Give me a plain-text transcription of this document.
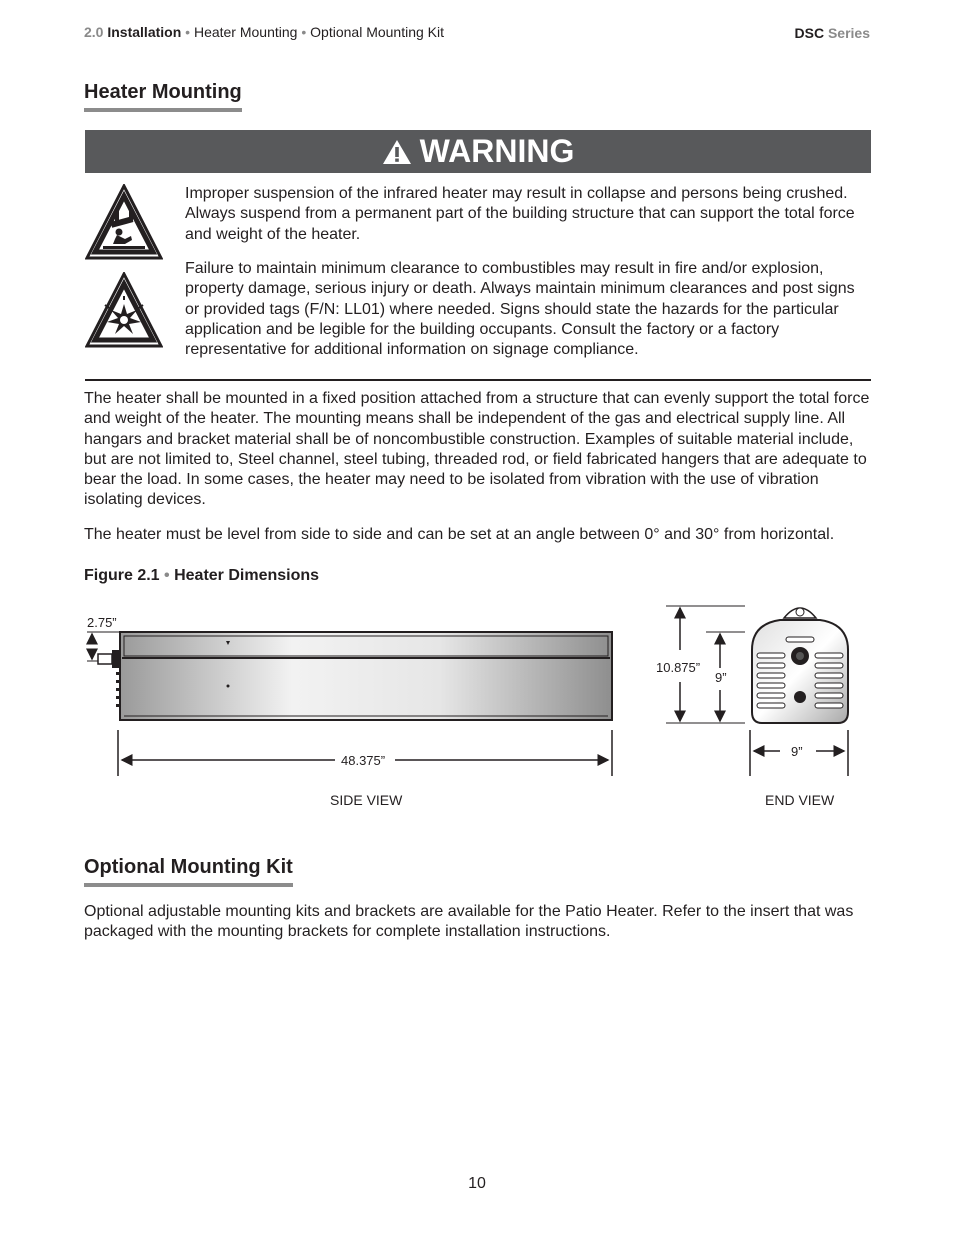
2.0 Installation • Heater Mounting • Optional Mounting Kit	DSC Series
Heater Mounting
WARNING
Improper suspension of the infrared heater may result in collapse and persons being crushed. Always suspend from a permanent part of the building structure that can support the total force and weight of the heater.
Failure to maintain minimum clearance to combustibles may result in fire and/or explosion, property damage, serious injury or death. Always maintain minimum clearances and post signs or provided tags (F/N: LL01) where needed. Signs should state the hazards for the particular application and be legible for the building occupants. Consult the factory or a factory representative for additional information on signage compliance.
The heater shall be mounted in a fixed position attached from a structure that can evenly support the total force and weight of the heater. The mounting means shall be independent of the gas and electrical supply line. All hangars and bracket material shall be of noncombustible construction. Examples of suitable material include, but are not limited to, Steel channel, steel tubing, threaded rod, or field fabricated hangers that are adequate to bear the load. In some cases, the heater may need to be isolated from vibration with the use of vibration isolating devices.
The heater must be level from side to side and can be set at an angle between 0° and 30° from horizontal.
Figure 2.1 • Heater Dimensions
2.75”
48.375”
SIDE VIEW
10.875”
9”
9”
END VIEW
Optional Mounting Kit
Optional adjustable mounting kits and brackets are available for the Patio Heater. Refer to the insert that was packaged with the mounting brackets for complete installation instructions.
10
